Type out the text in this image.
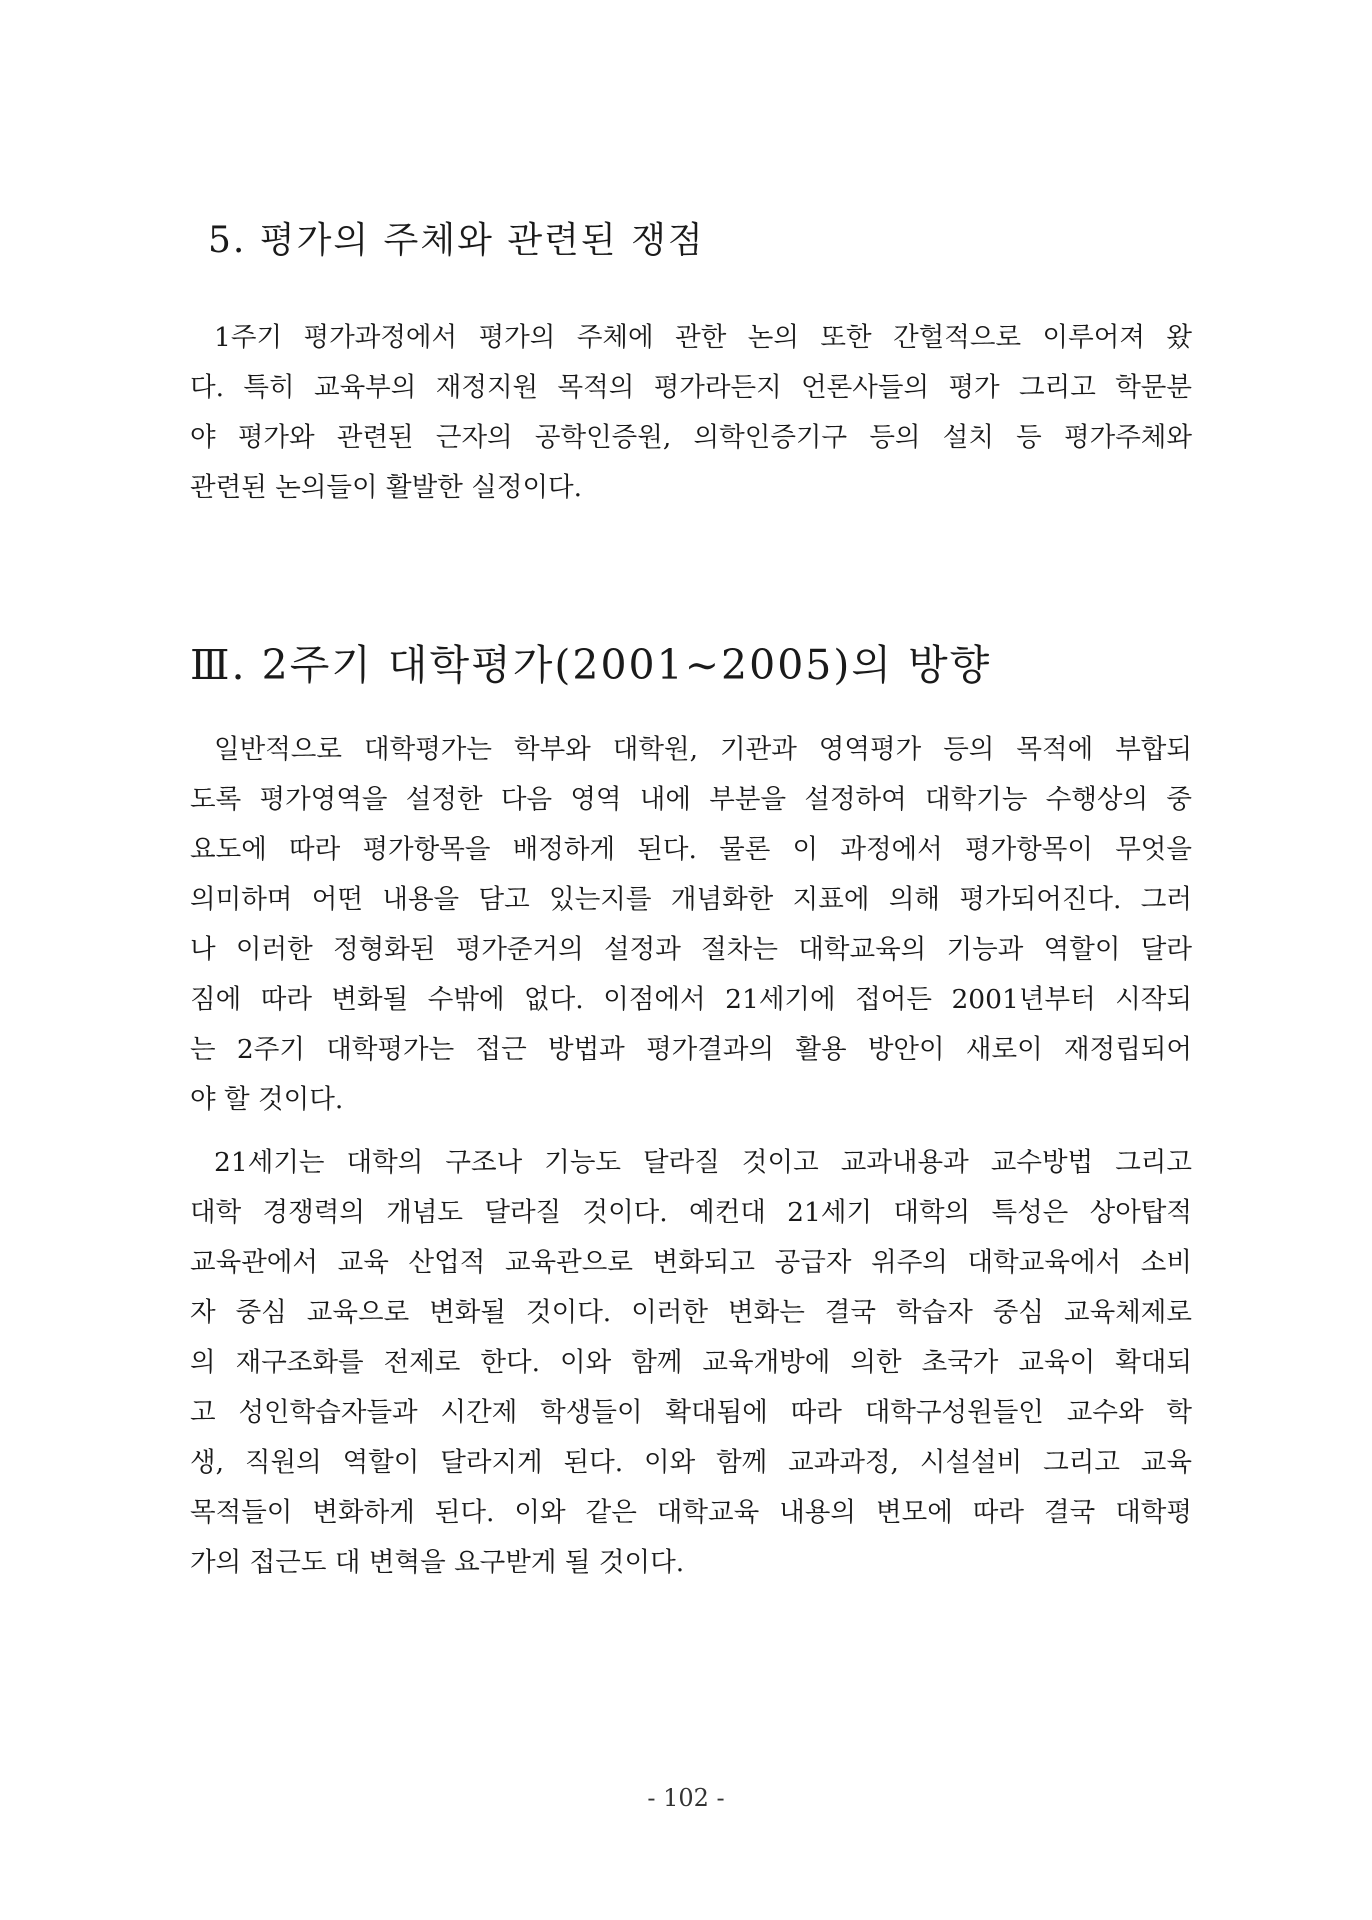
5. 평가의 주체와 관련된 쟁점

1주기 평가과정에서 평가의 주체에 관한 논의 또한 간헐적으로 이루어져 왔

다. 특히 교육부의 재정지원 목적의 평가라든지 언론사들의 평가 그리고 학문분

야 평가와 관련된 근자의 공학인증원, 의학인증기구 등의 설치 등 평가주체와

관련된 논의들이 활발한 실정이다.

Ⅲ. 2주기 대학평가(2001∼2005)의 방향

일반적으로 대학평가는 학부와 대학원, 기관과 영역평가 등의 목적에 부합되

도록 평가영역을 설정한 다음 영역 내에 부분을 설정하여 대학기능 수행상의 중

요도에 따라 평가항목을 배정하게 된다. 물론 이 과정에서 평가항목이 무엇을

의미하며 어떤 내용을 담고 있는지를 개념화한 지표에 의해 평가되어진다. 그러

나 이러한 정형화된 평가준거의 설정과 절차는 대학교육의 기능과 역할이 달라

짐에 따라 변화될 수밖에 없다. 이점에서 21세기에 접어든 2001년부터 시작되

는 2주기 대학평가는 접근 방법과 평가결과의 활용 방안이 새로이 재정립되어

야 할 것이다.

21세기는 대학의 구조나 기능도 달라질 것이고 교과내용과 교수방법 그리고

대학 경쟁력의 개념도 달라질 것이다. 예컨대 21세기 대학의 특성은 상아탑적

교육관에서 교육 산업적 교육관으로 변화되고 공급자 위주의 대학교육에서 소비

자 중심 교육으로 변화될 것이다. 이러한 변화는 결국 학습자 중심 교육체제로

의 재구조화를 전제로 한다. 이와 함께 교육개방에 의한 초국가 교육이 확대되

고 성인학습자들과 시간제 학생들이 확대됨에 따라 대학구성원들인 교수와 학

생, 직원의 역할이 달라지게 된다. 이와 함께 교과과정, 시설설비 그리고 교육

목적들이 변화하게 된다. 이와 같은 대학교육 내용의 변모에 따라 결국 대학평

가의 접근도 대 변혁을 요구받게 될 것이다.

- 102 -
